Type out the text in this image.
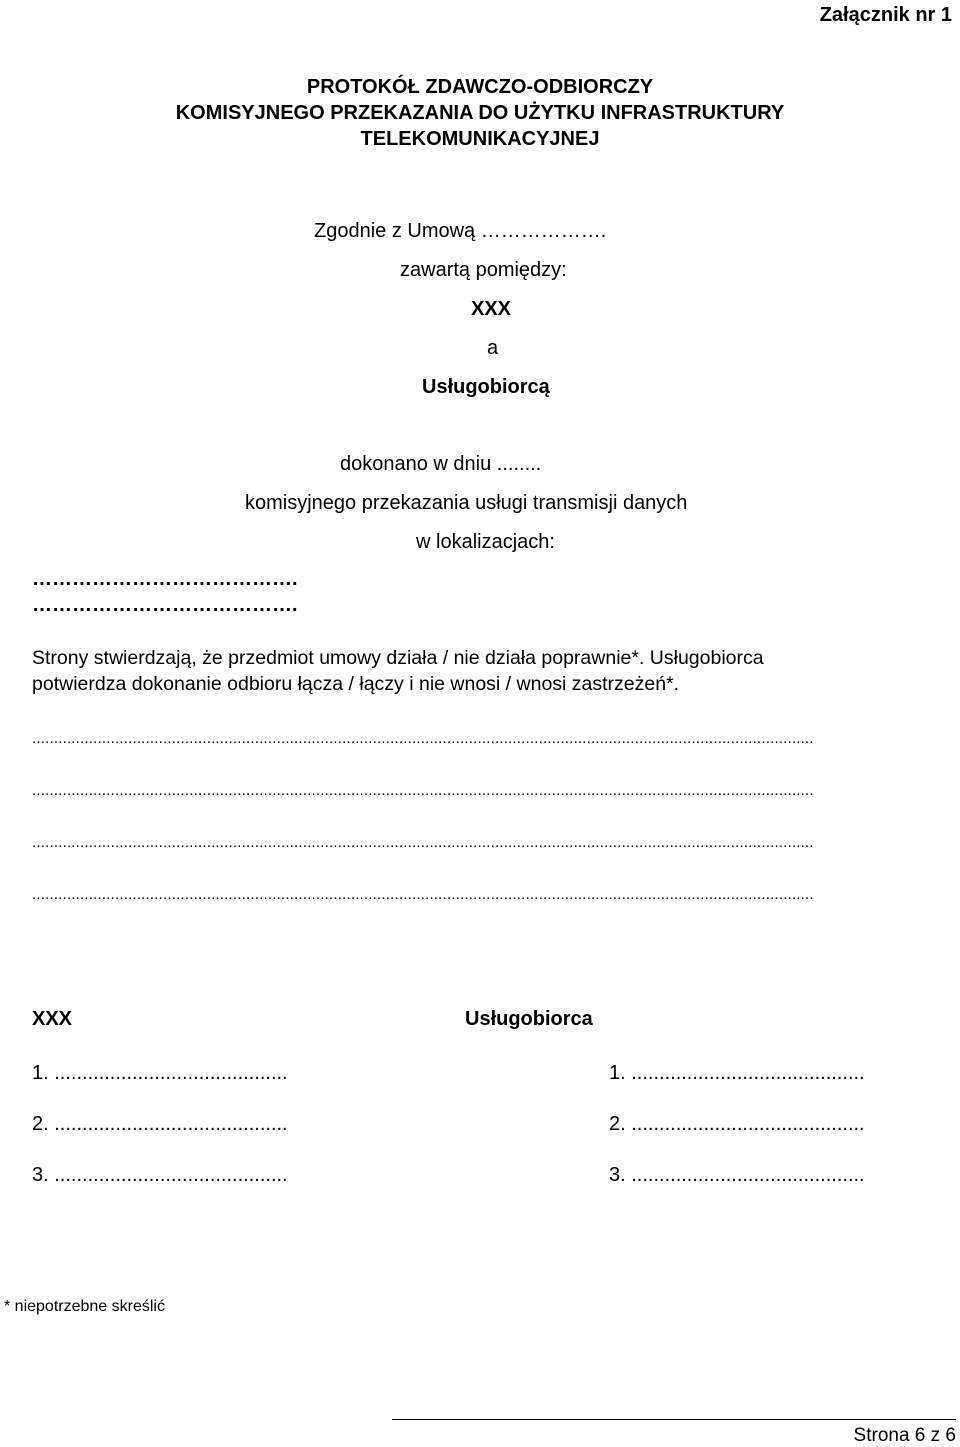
Załącznik nr 1
PROTOKÓŁ ZDAWCZO-ODBIORCZY
KOMISYJNEGO PRZEKAZANIA DO UŻYTKU INFRASTRUKTURY
TELEKOMUNIKACYJNEJ
Zgodnie z Umową ……………….
zawartą pomiędzy:
XXX
a
Usługobiorcą
dokonano w dniu ........
komisyjnego przekazania usługi transmisji danych
w lokalizacjach:
………………………………….
………………………………….
Strony stwierdzają, że przedmiot umowy działa / nie działa poprawnie*. Usługobiorca
potwierdza dokonanie odbioru łącza / łączy i nie wnosi / wnosi zastrzeżeń*.
...................................................................................................................................................................................
...................................................................................................................................................................................
...................................................................................................................................................................................
...................................................................................................................................................................................
XXX	Usługobiorca
1. ..........................................
2. ..........................................
3. ..........................................
1. ..........................................
2. ..........................................
3. ..........................................
* niepotrzebne skreślić
Strona 6 z 6
